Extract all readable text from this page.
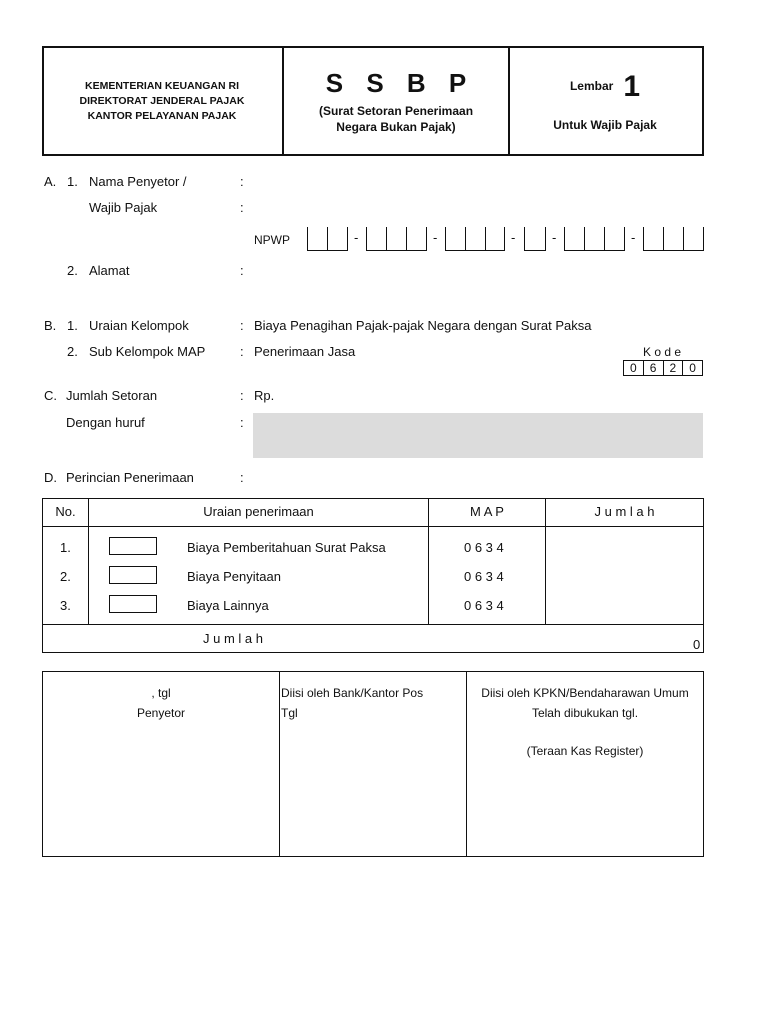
KEMENTERIAN KEUANGAN RI
DIREKTORAT JENDERAL PAJAK
KANTOR PELAYANAN PAJAK
S S B P
(Surat Setoran Penerimaan
Negara Bukan Pajak)
Lembar 1
Untuk Wajib Pajak
A. 1. Nama Penyetor /	:
Wajib Pajak	:
NPWP	-	-	-	-	-
2. Alamat	:
B. 1. Uraian Kelompok	: Biaya Penagihan Pajak-pajak Negara dengan Surat Paksa
2. Sub Kelompok MAP	: Penerimaan Jasa	K o d e
0	6	2	0
C. Jumlah Setoran	: Rp.
Dengan huruf	:
D. Perincian Penerimaan	:
No.	Uraian penerimaan	M A P	J u m l a h
1.	Biaya Pemberitahuan Surat Paksa	0 6 3 4
2.	Biaya Penyitaan	0 6 3 4
3.	Biaya Lainnya	0 6 3 4
J u m l a h	0
, tgl
Penyetor
Diisi oleh Bank/Kantor Pos
Tgl
Diisi oleh KPKN/Bendaharawan Umum
Telah dibukukan tgl.
(Teraan Kas Register)
